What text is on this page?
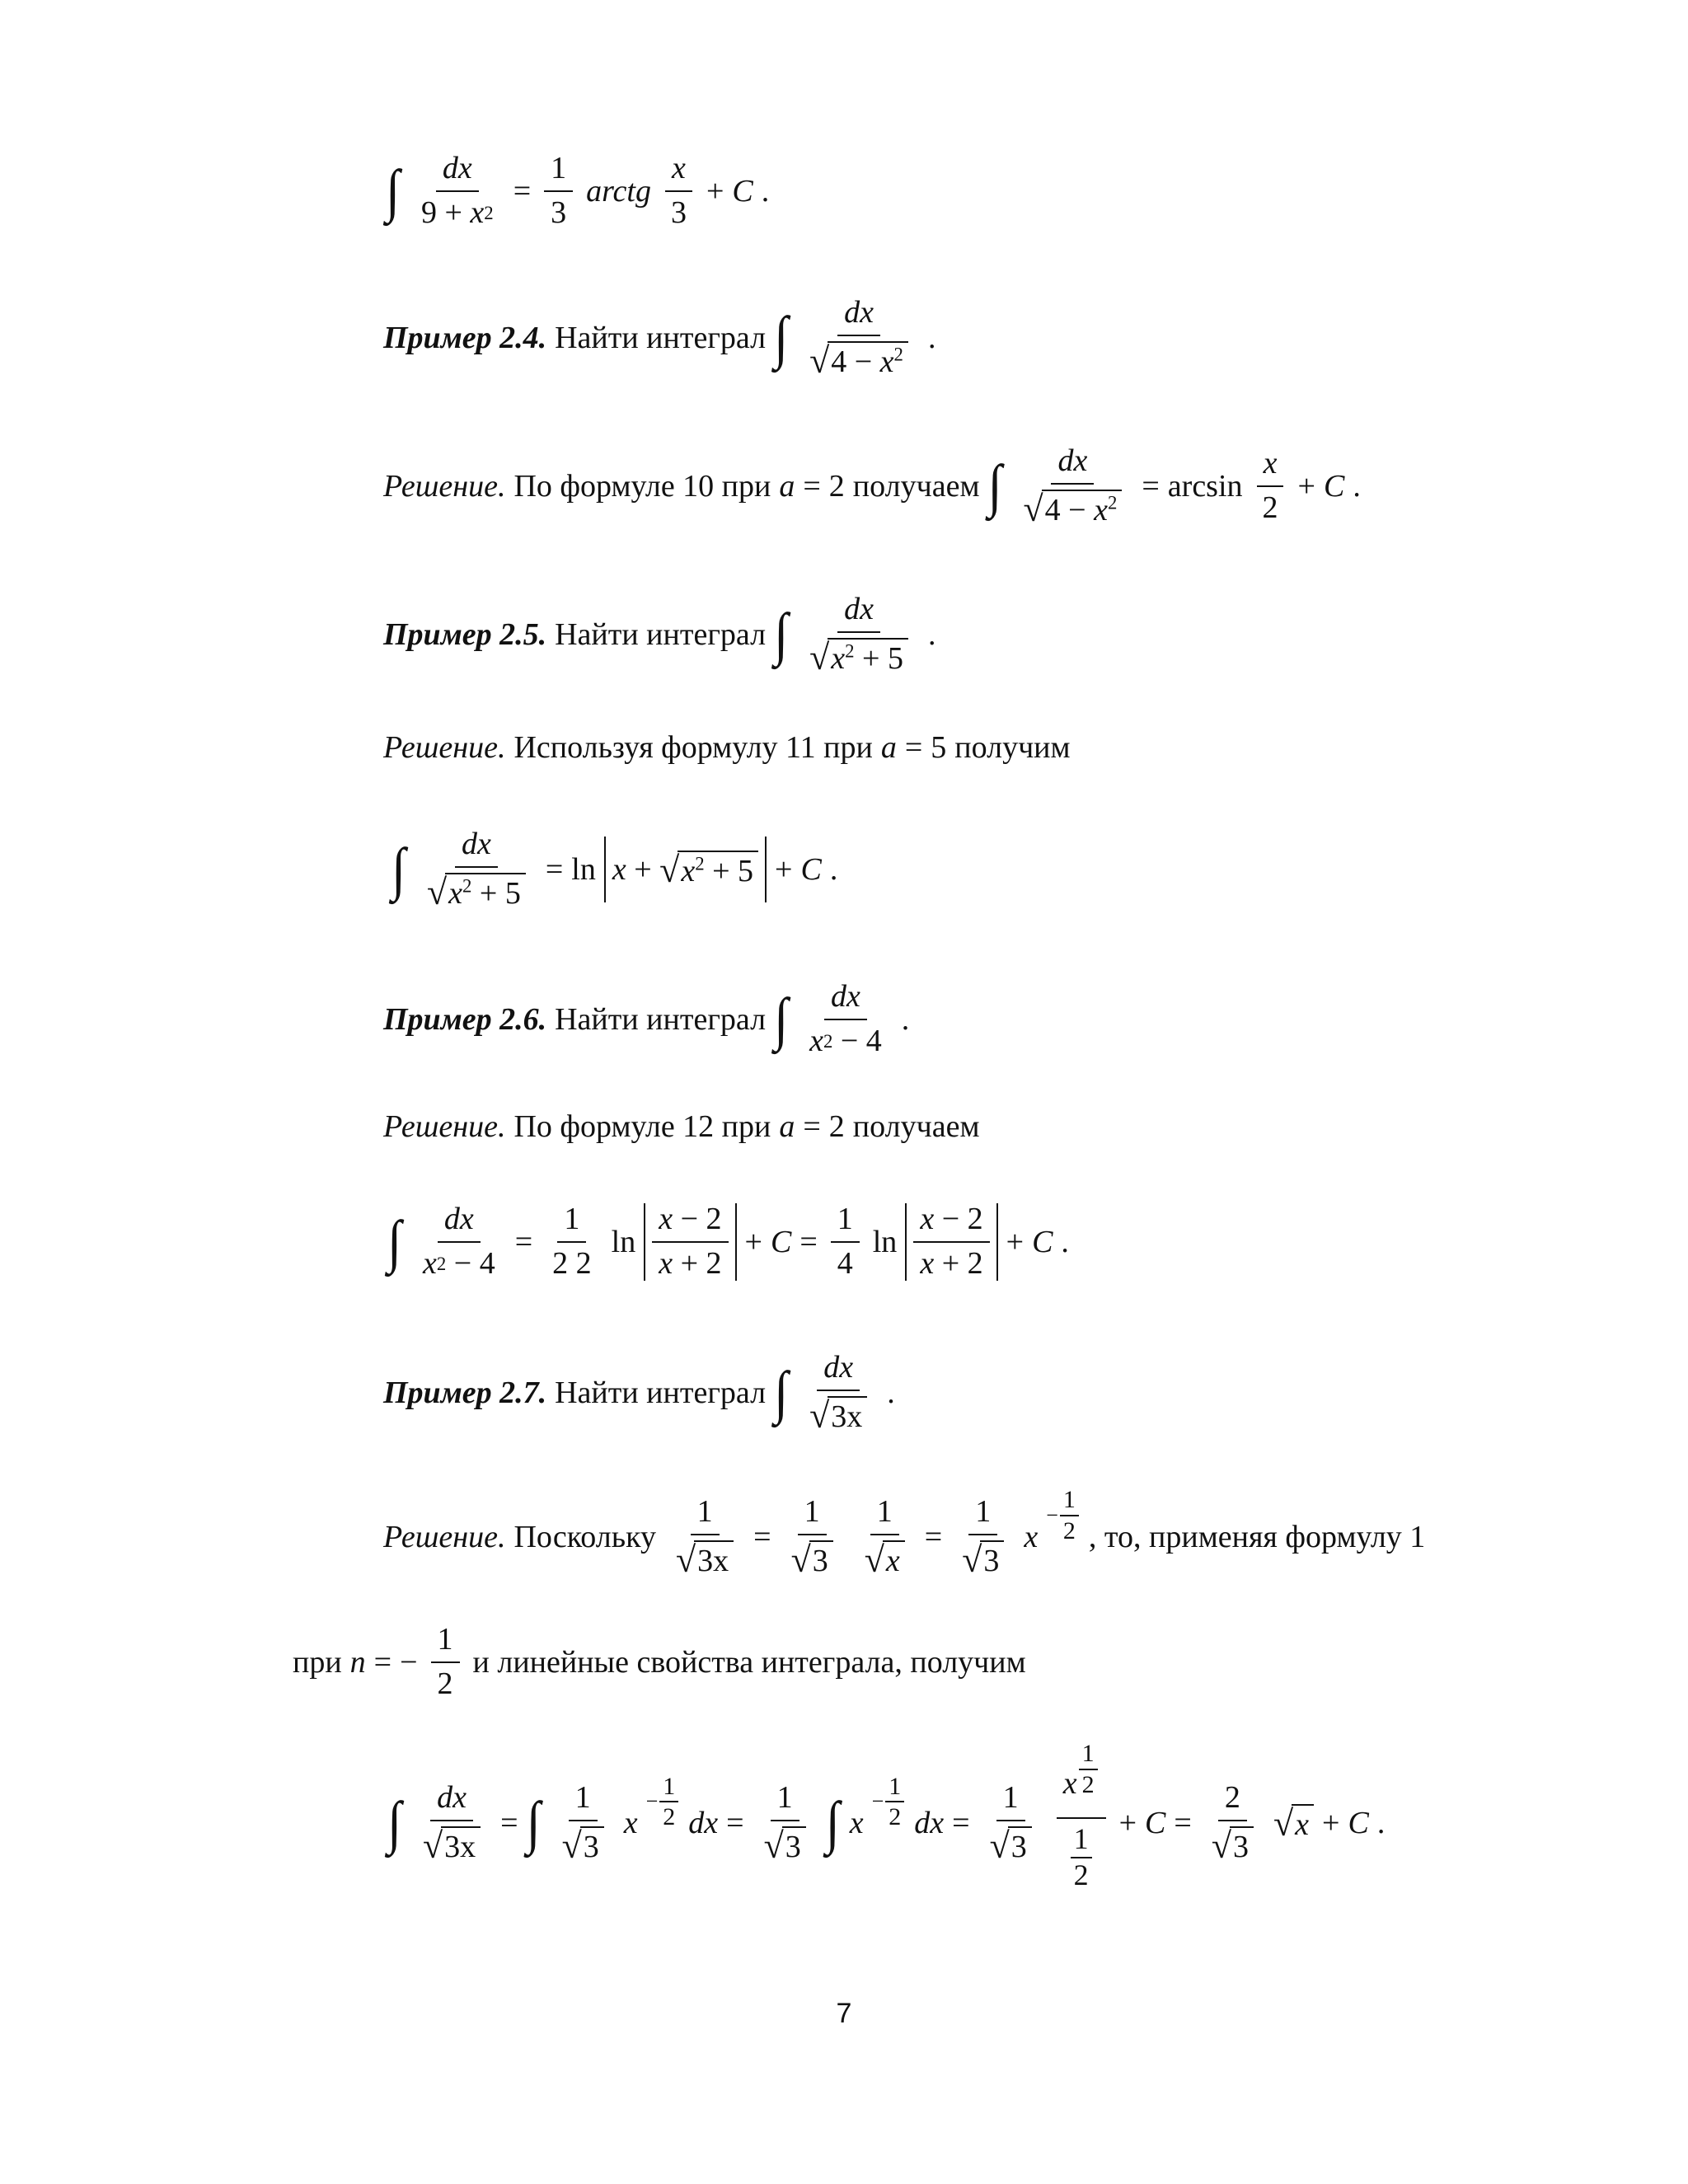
∫ dx
9
+
x $2 = \frac{1}{3}$ arctg $\frac{x}{3} + C$ .
Пример 2.4. Найти интеграл ∫ $\frac{dx}{√ 4 - x^2}$ .
Решение. По формуле 10 при a = 2 получаем ∫ $\frac{dx}{√ 4 - x^2} = \arcsin \frac{x}{2} + C$ .
Пример 2.5. Найти интеграл ∫ $\frac{dx}{√ x^2 + 5}$ .
Решение. Используя формулу 11 при a = 5 получим
∫ $\frac{dx}{√ x^2 + 5} = \ln x$
+
√ $x^2 + 5 + C$ .
Пример 2.6. Найти интеграл ∫ dx
x 2
−
4 .
Решение. По формуле 12 при a = 2 получаем
∫ dx
x 2
−
4 = 1
2
2 ln x
−
2
x
+
$2 + C = \frac{1}{4}$ ln x
−
2
x
+
2 + C .
Пример 2.7. Найти интеграл ∫ $\frac{dx}{√ 3x}$ .
Решение. Поскольку $\frac{1}{√ 3x} = \frac{1}{√ 3} \frac{1}{√ x} = \frac{1}{√ 3}$ x
− $\frac{1}{2}$ , то, применяя формулу 1
при n = − $\frac{1}{2}$ и линейные свойства интеграла, получим
∫ $\frac{dx}{√ 3x}$ = ∫ $\frac{1}{√ 3}$ x
− $\frac{1}{2}$ dx = $\frac{1}{√ 3}$ ∫ x
− $\frac{1}{2}$ dx = $\frac{1}{√ 3} \frac{x \frac{1}{2}}{\frac{1}{2}} + C = \frac{2}{√ 3}$ √ x + C .
7
